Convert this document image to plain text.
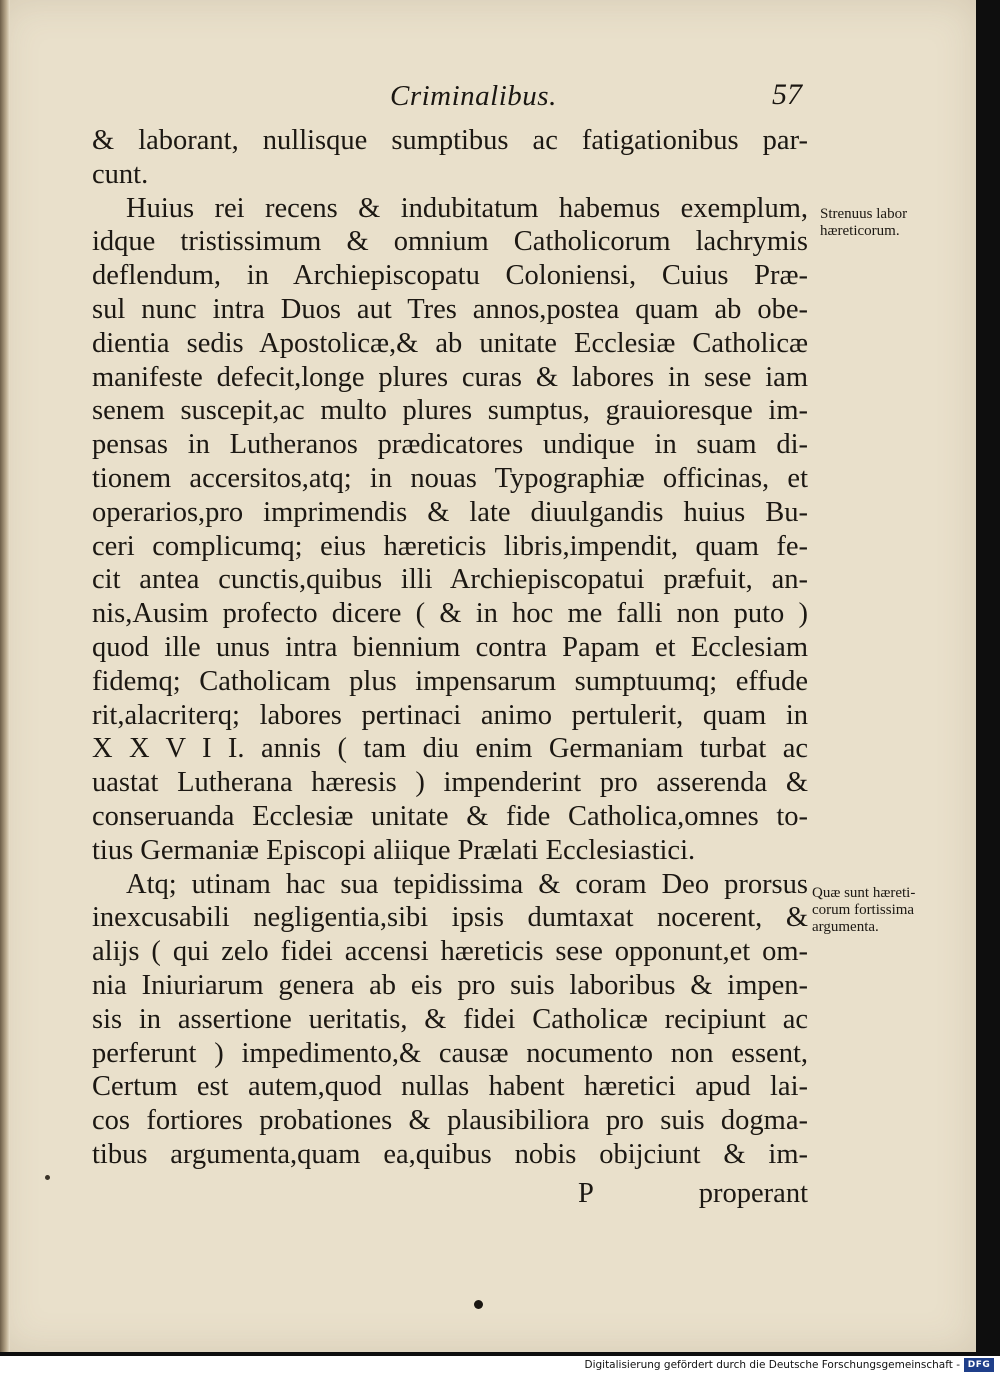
Criminalibus.	57
& laborant, nullisque sumptibus ac fatigationibus par-
cunt.
Huius rei recens & indubitatum habemus exemplum,
idque tristissimum & omnium Catholicorum lachrymis
deflendum, in Archiepiscopatu Coloniensi, Cuius Præ-
sul nunc intra Duos aut Tres annos,postea quam ab obe-
dientia sedis Apostolicæ,& ab unitate Ecclesiæ Catholicæ
manifeste defecit,longe plures curas & labores in sese iam
senem suscepit,ac multo plures sumptus, grauioresque im-
pensas in Lutheranos prædicatores undique in suam di-
tionem accersitos,atq; in nouas Typographiæ officinas, et
operarios,pro imprimendis & late diuulgandis huius Bu-
ceri complicumq; eius hæreticis libris,impendit, quam fe-
cit antea cunctis,quibus illi Archiepiscopatui præfuit, an-
nis,Ausim profecto dicere ( & in hoc me falli non puto )
quod ille unus intra biennium contra Papam et Ecclesiam
fidemq; Catholicam plus impensarum sumptuumq; effude
rit,alacriterq; labores pertinaci animo pertulerit, quam in
X X V I I. annis ( tam diu enim Germaniam turbat ac
uastat Lutherana hæresis ) impenderint pro asserenda &
conseruanda Ecclesiæ unitate & fide Catholica,omnes to-
tius Germaniæ Episcopi aliique Prælati Ecclesiastici.
Atq; utinam hac sua tepidissima & coram Deo prorsus
inexcusabili negligentia,sibi ipsis dumtaxat nocerent, &
alijs ( qui zelo fidei accensi hæreticis sese opponunt,et om-
nia Iniuriarum genera ab eis pro suis laboribus & impen-
sis in assertione ueritatis, & fidei Catholicæ recipiunt ac
perferunt ) impedimento,& causæ nocumento non essent,
Certum est autem,quod nullas habent hæretici apud lai-
cos fortiores probationes & plausibiliora pro suis dogma-
tibus argumenta,quam ea,quibus nobis obijciunt & im-
Strenuus labor
hæreticorum.
Quæ sunt hæreti-
corum fortissima
argumenta.
P	properant
Digitalisierung gefördert durch die Deutsche Forschungsgemeinschaft - DFG
